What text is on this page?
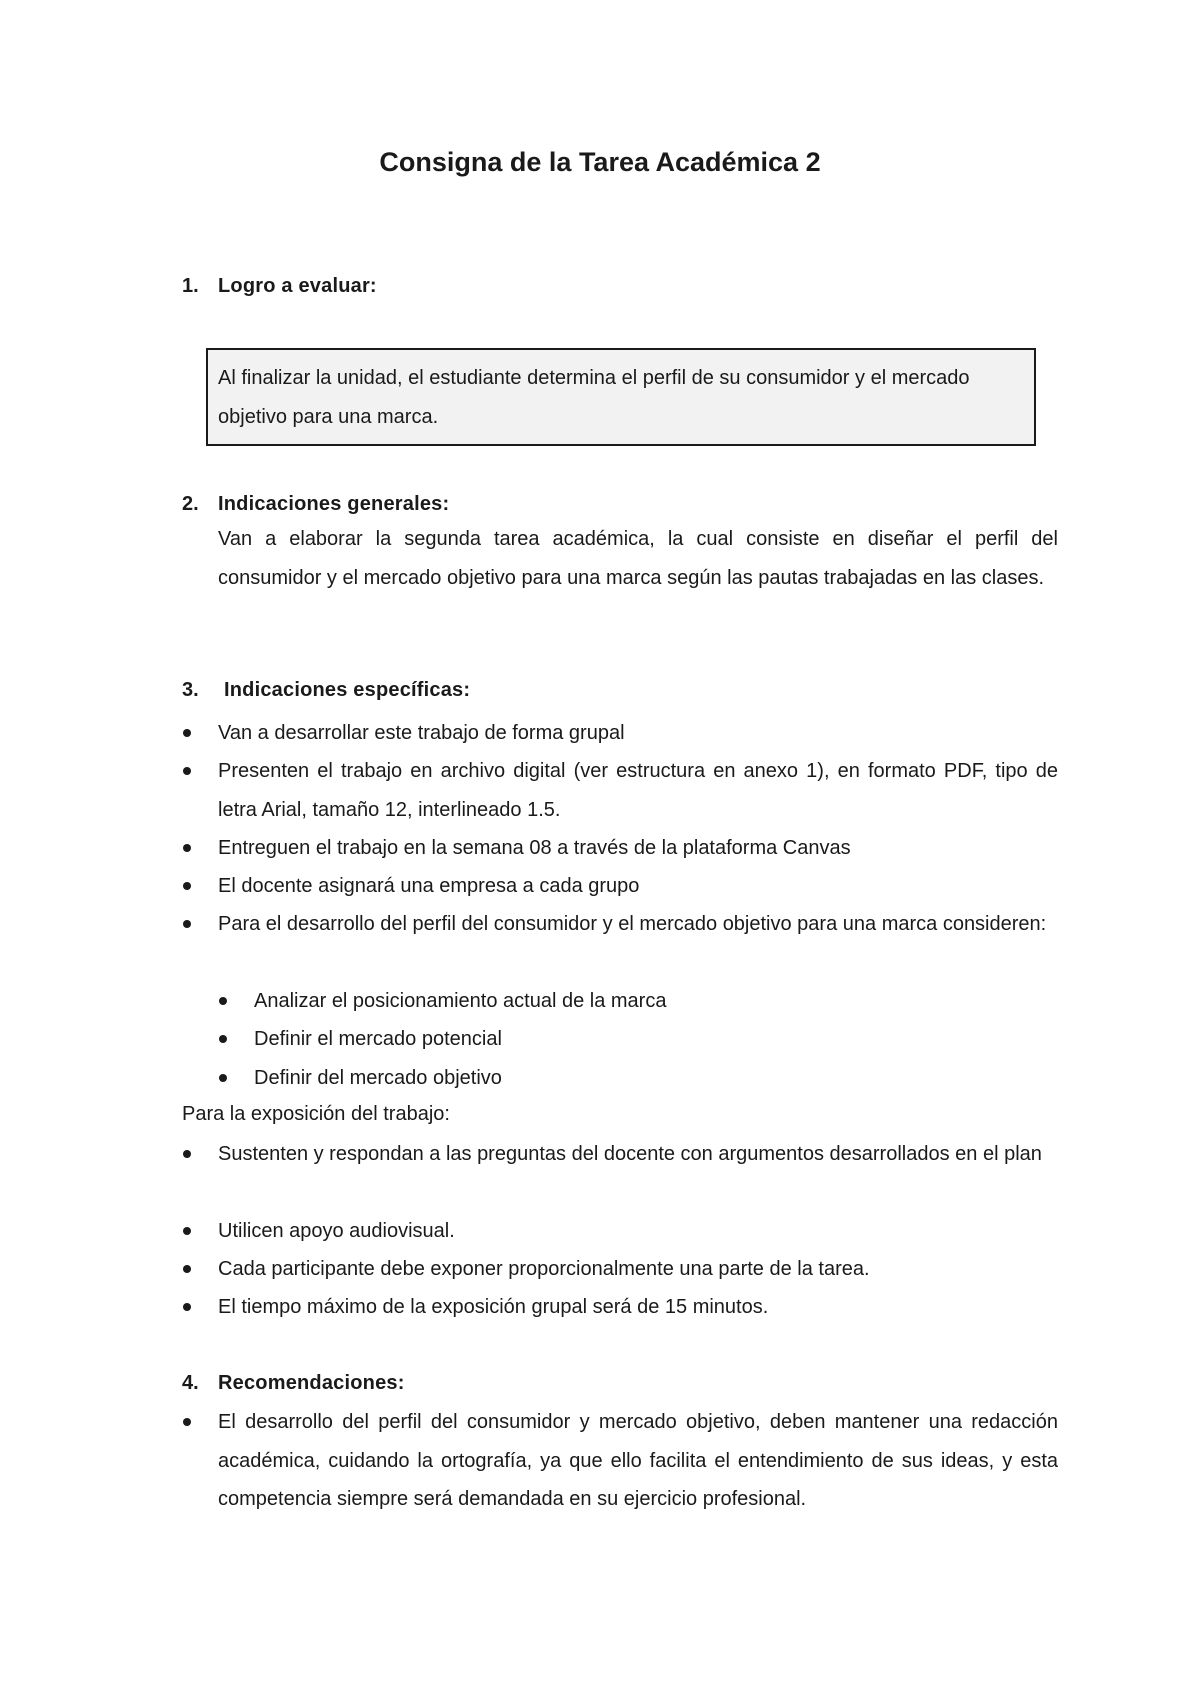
Consigna de la Tarea Académica 2
1. Logro a evaluar:
Al finalizar la unidad, el estudiante determina el perfil de su consumidor y el mercado objetivo para una marca.
2. Indicaciones generales:

Van a elaborar la segunda tarea académica, la cual consiste en diseñar el perfil del consumidor y el mercado objetivo para una marca según las pautas trabajadas en las clases.

3. Indicaciones específicas:
Van a desarrollar este trabajo de forma grupal
Presenten el trabajo en archivo digital (ver estructura en anexo 1), en formato PDF, tipo de letra Arial, tamaño 12, interlineado 1.5.
Entreguen el trabajo en la semana 08 a través de la plataforma Canvas
El docente asignará una empresa a cada grupo
Para el desarrollo del perfil del consumidor y el mercado objetivo para una marca consideren:
Analizar el posicionamiento actual de la marca
Definir el mercado potencial
Definir del mercado objetivo
Para la exposición del trabajo:
Sustenten y respondan a las preguntas del docente con argumentos desarrollados en el plan
Utilicen apoyo audiovisual.
Cada participante debe exponer proporcionalmente una parte de la tarea.
El tiempo máximo de la exposición grupal será de 15 minutos.
4. Recomendaciones:
El desarrollo del perfil del consumidor y mercado objetivo, deben mantener una redacción académica, cuidando la ortografía, ya que ello facilita el entendimiento de sus ideas, y esta competencia siempre será demandada en su ejercicio profesional.
